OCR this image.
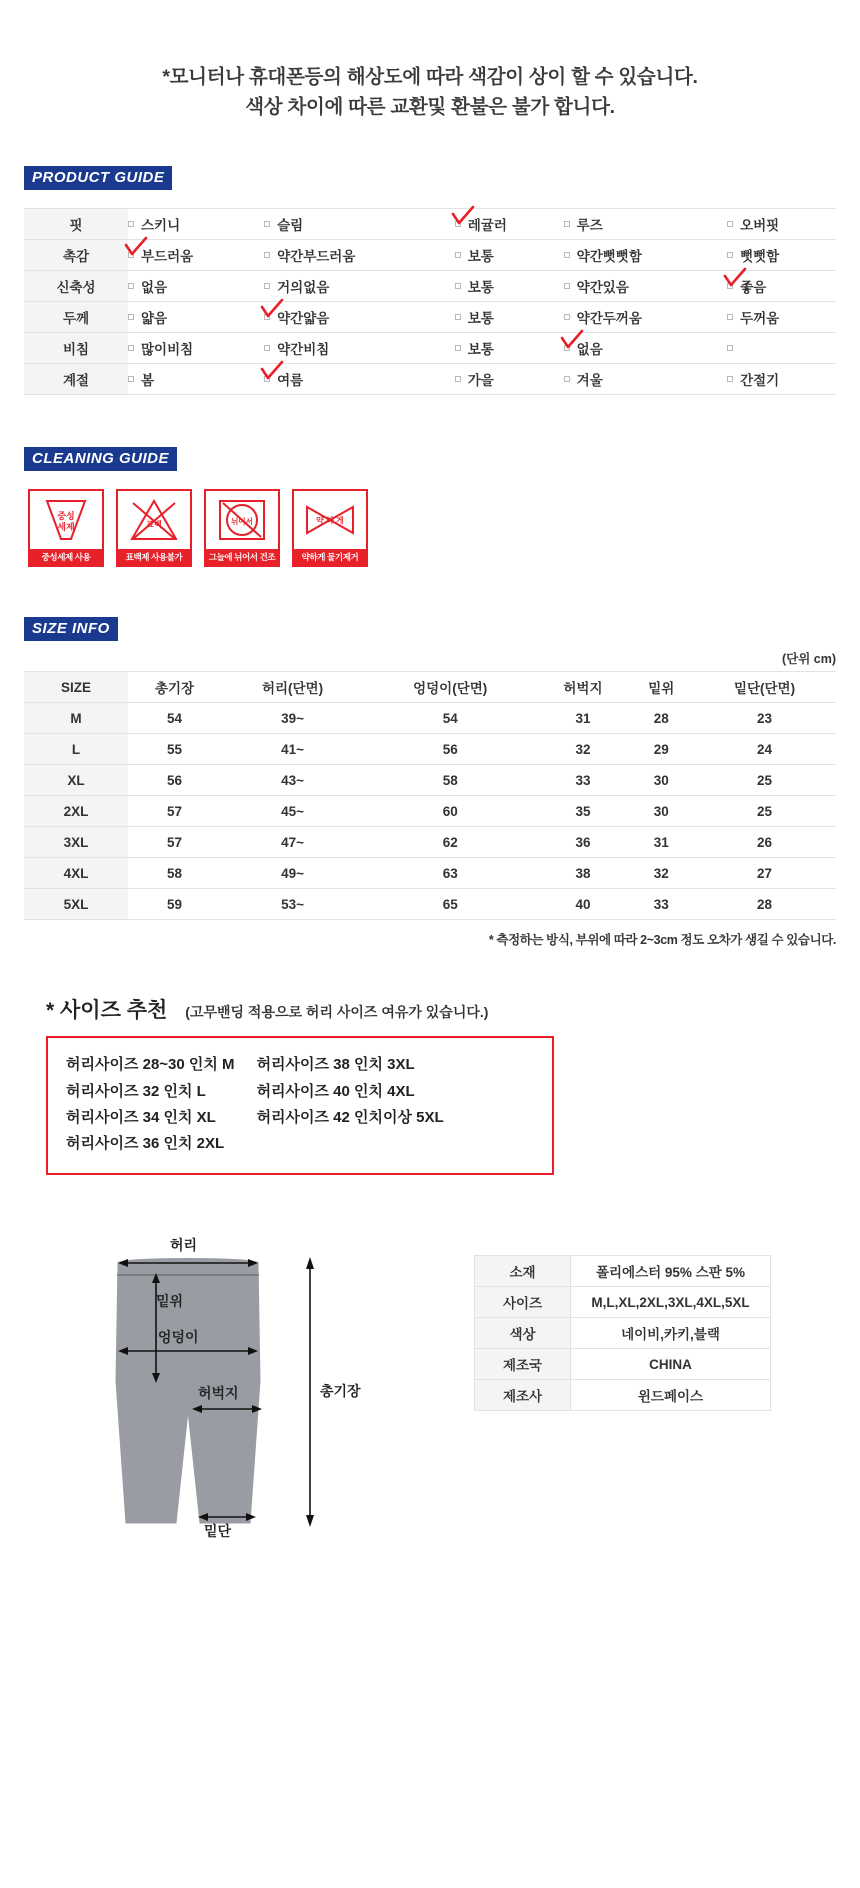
*모니터나 휴대폰등의 해상도에 따라 색감이 상이 할 수 있습니다.
색상 차이에 따른 교환및 환불은 불가 합니다.
PRODUCT GUIDE
핏	스키니	슬림	레귤러	루즈	오버핏

촉감	부드러움	약간부드러움	보통	약간뻣뻣함	뻣뻣함

신축성	없음	거의없음	보통	약간있음	좋음

두께	얇음	약간얇음	보통	약간두꺼움	두꺼움

비침	많이비침	약간비침	보통	없음	

계절	봄	여름	가을	겨울	간절기
CLEANING GUIDE
중성
세제
중성세제 사용
표백
표백제 사용불가
뉘어서
그늘에 뉘어서 건조
약 하 게
약하게 물기제거
SIZE INFO
(단위 cm)
SIZE	총기장	허리(단면)	엉덩이(단면)	허벅지	밑위	밑단(단면)
M	54	39~	54	31	28	23
L	55	41~	56	32	29	24
XL	56	43~	58	33	30	25
2XL	57	45~	60	35	30	25
3XL	57	47~	62	36	31	26
4XL	58	49~	63	38	32	27
5XL	59	53~	65	40	33	28
* 측정하는 방식, 부위에 따라 2~3cm 정도 오차가 생길 수 있습니다.
* 사이즈 추천 (고무밴딩 적용으로 허리 사이즈 여유가 있습니다.)
허리사이즈 28~30 인치 M
허리사이즈 32 인치 L
허리사이즈 34 인치 XL
허리사이즈 36 인치 2XL
허리사이즈 38 인치 3XL
허리사이즈 40 인치 4XL
허리사이즈 42 인치이상 5XL
허리
밑위
엉덩이
허벅지
밑단
총기장
소재	폴리에스터 95% 스판 5%
사이즈	M,L,XL,2XL,3XL,4XL,5XL
색상	네이비,카키,블랙
제조국	CHINA
제조사	윈드페이스
